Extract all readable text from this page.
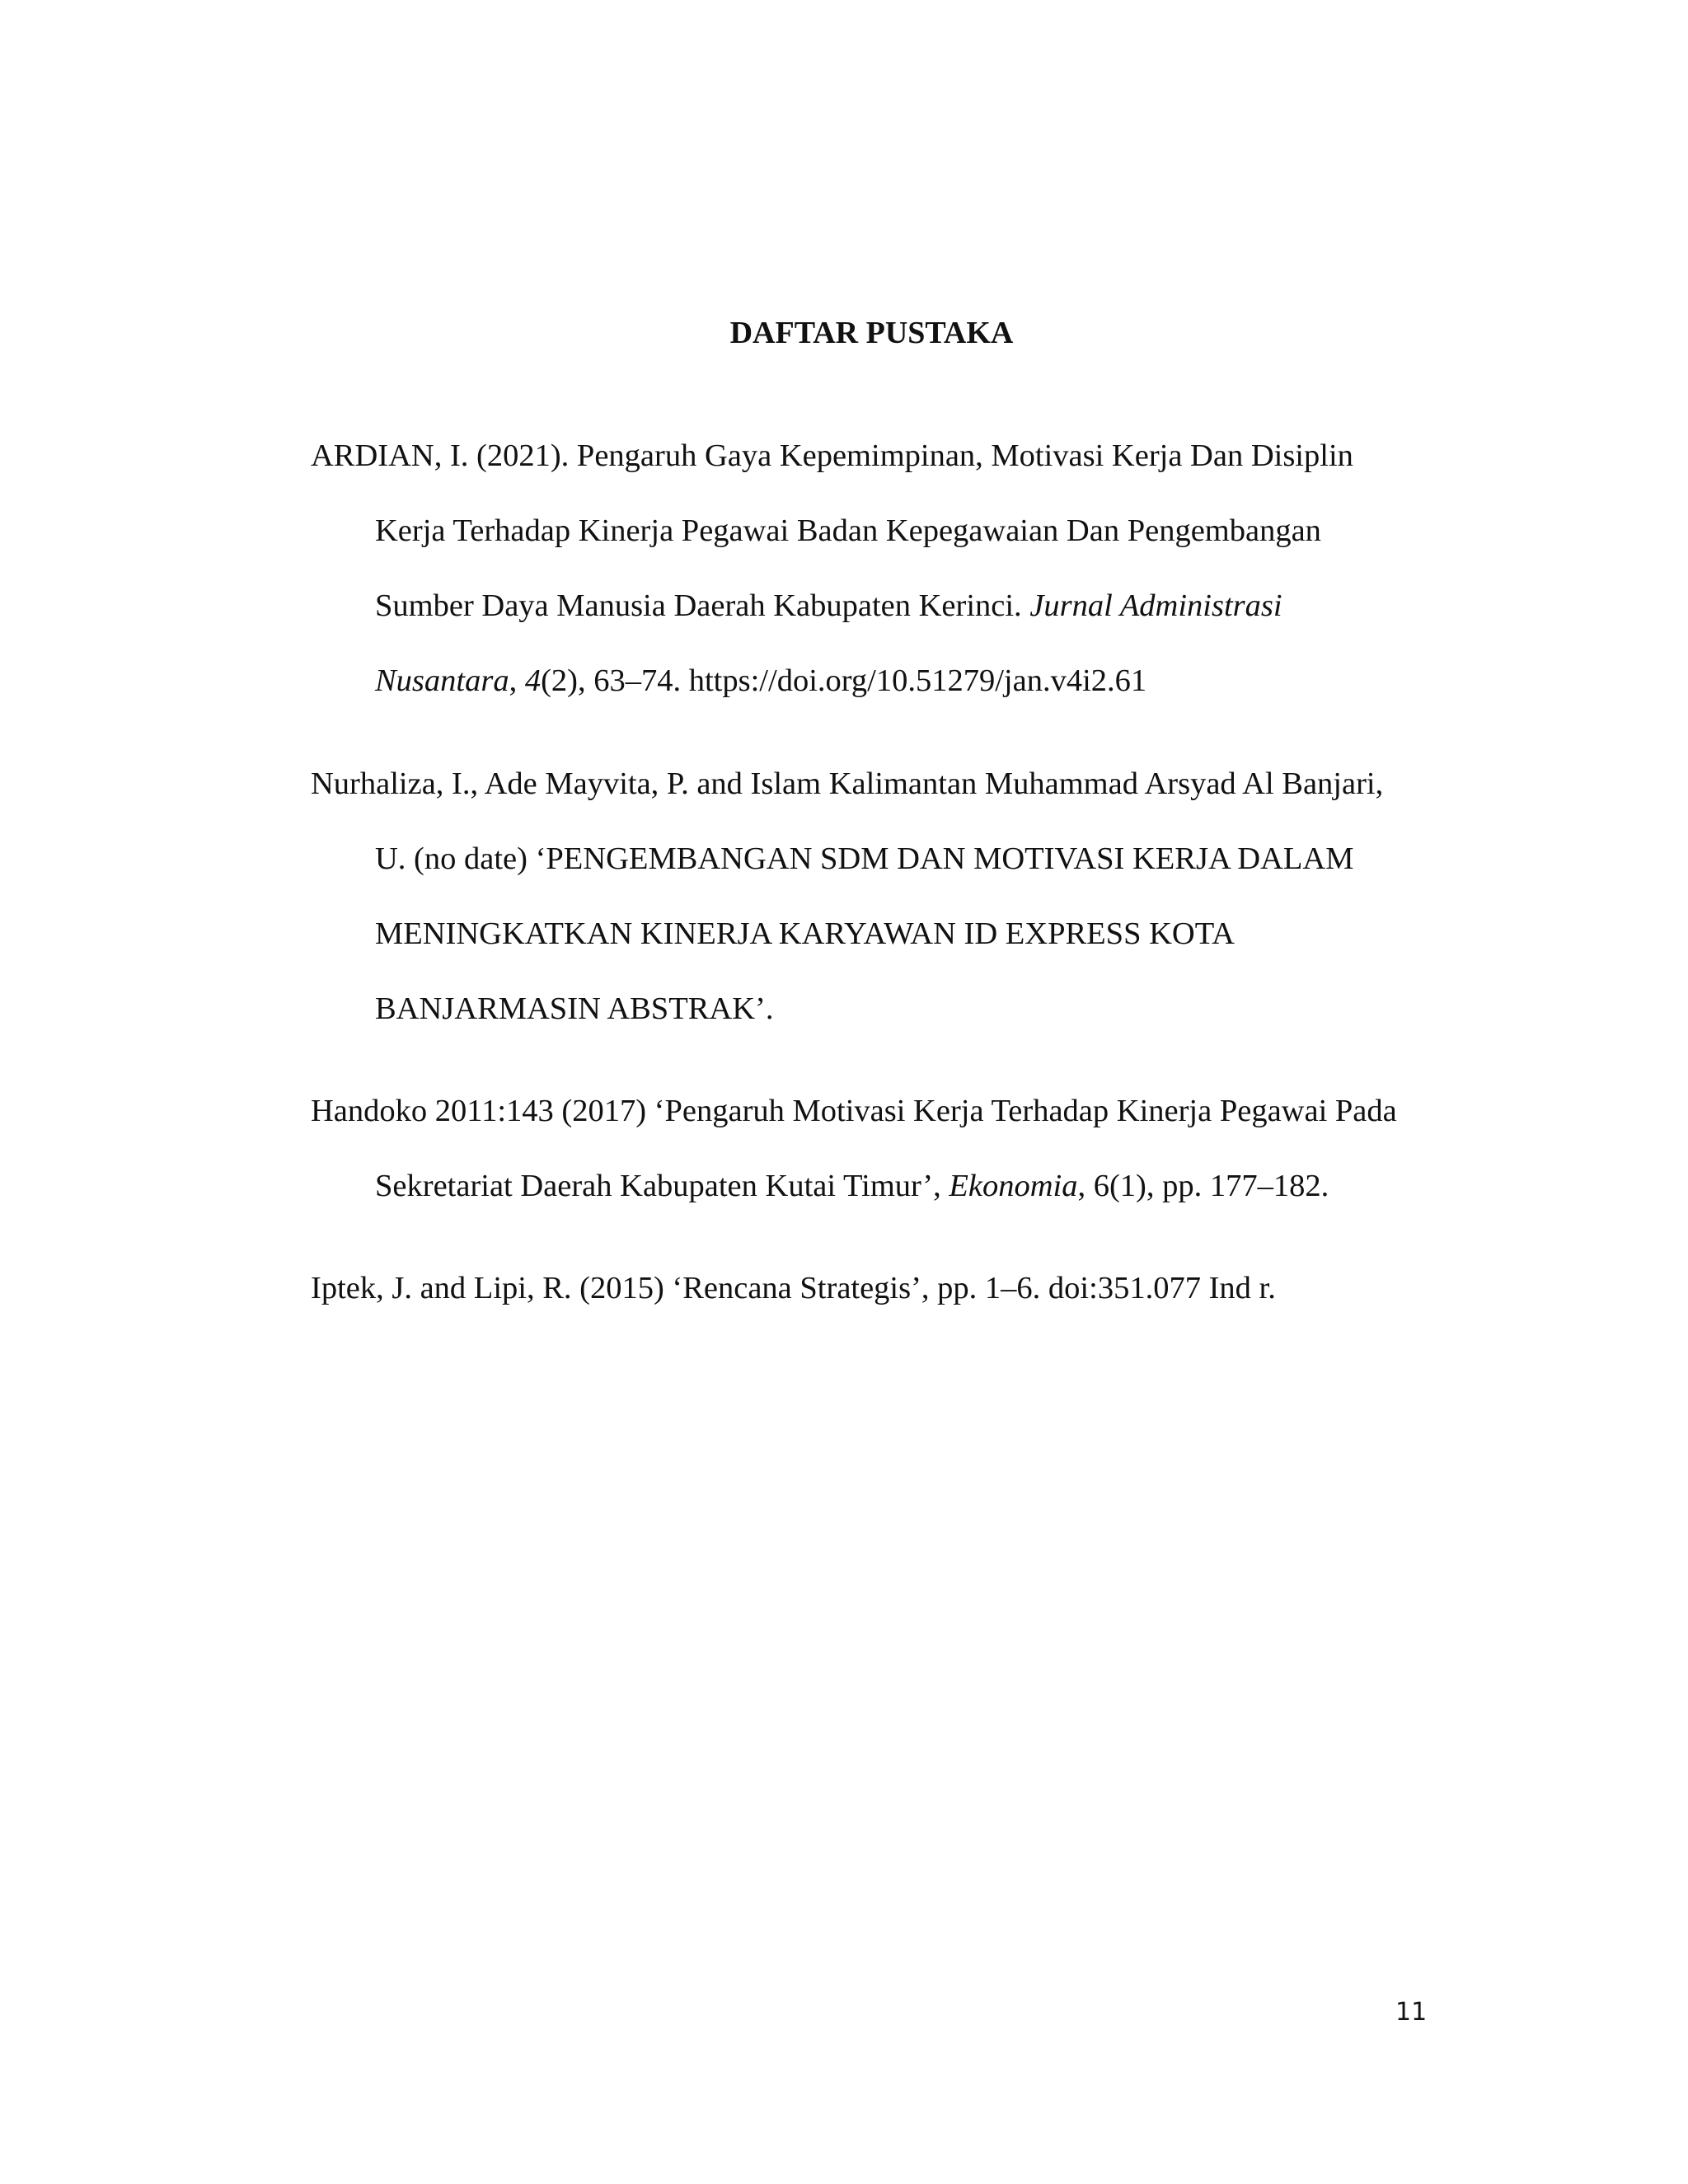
DAFTAR PUSTAKA
ARDIAN, I. (2021). Pengaruh Gaya Kepemimpinan, Motivasi Kerja Dan Disiplin
Kerja Terhadap Kinerja Pegawai Badan Kepegawaian Dan Pengembangan
Sumber Daya Manusia Daerah Kabupaten Kerinci. Jurnal Administrasi
Nusantara, 4(2), 63–74. https://doi.org/10.51279/jan.v4i2.61
Nurhaliza, I., Ade Mayvita, P. and Islam Kalimantan Muhammad Arsyad Al Banjari,
U. (no date) ‘PENGEMBANGAN SDM DAN MOTIVASI KERJA DALAM
MENINGKATKAN KINERJA KARYAWAN ID EXPRESS KOTA
BANJARMASIN ABSTRAK’.
Handoko 2011:143 (2017) ‘Pengaruh Motivasi Kerja Terhadap Kinerja Pegawai Pada
Sekretariat Daerah Kabupaten Kutai Timur’, Ekonomia, 6(1), pp. 177–182.
Iptek, J. and Lipi, R. (2015) ‘Rencana Strategis’, pp. 1–6. doi:351.077 Ind r.
11
